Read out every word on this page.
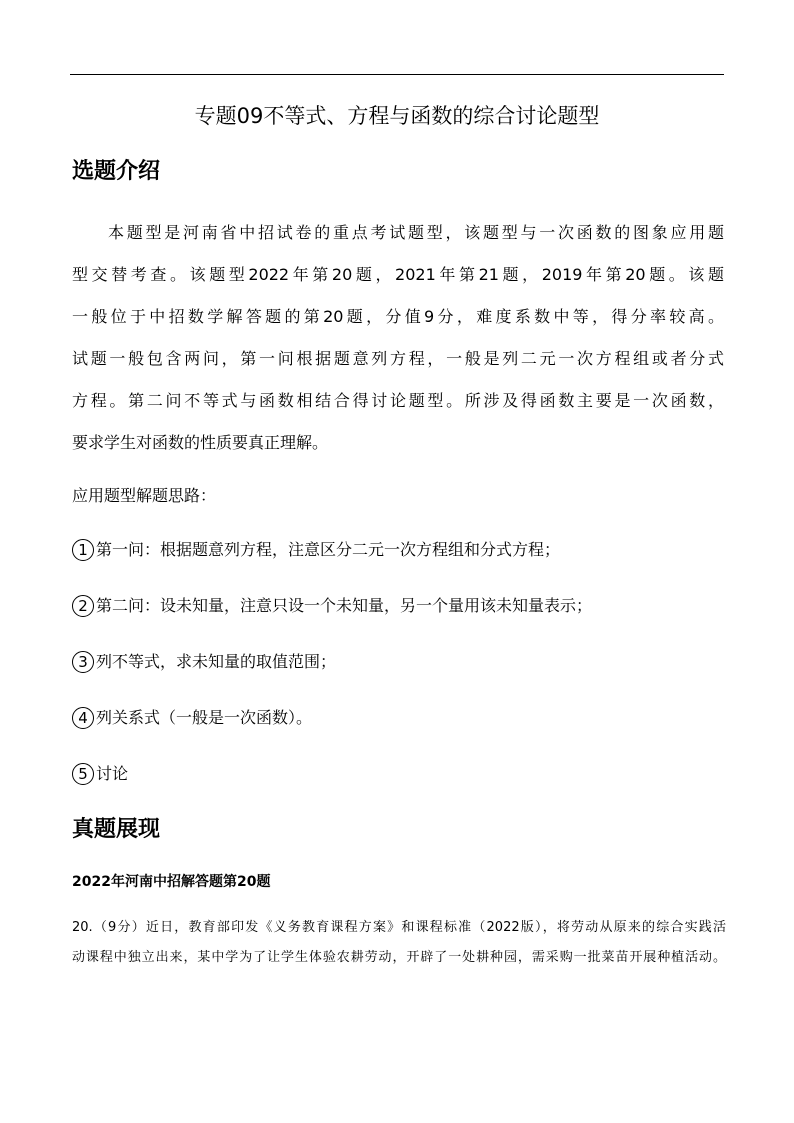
专题09不等式、方程与函数的综合讨论题型
选题介绍
本题型是河南省中招试卷的重点考试题型，该题型与一次函数的图象应用题
型交替考查。该题型2022年第20题，2021年第21题，2019年第20题。该题
一般位于中招数学解答题的第20题，分值9分，难度系数中等，得分率较高。
试题一般包含两问，第一问根据题意列方程，一般是列二元一次方程组或者分式
方程。第二问不等式与函数相结合得讨论题型。所涉及得函数主要是一次函数，
要求学生对函数的性质要真正理解。
应用题型解题思路：
1 第一问：根据题意列方程，注意区分二元一次方程组和分式方程；
2 第二问：设未知量，注意只设一个未知量，另一个量用该未知量表示；
3 列不等式，求未知量的取值范围；
4 列关系式（一般是一次函数）。
5 讨论
真题展现
2022年河南中招解答题第20题
20.（9分）近日，教育部印发《义务教育课程方案》和课程标准（2022版），将劳动从原来的综合实践活
动课程中独立出来，某中学为了让学生体验农耕劳动，开辟了一处耕种园，需采购一批菜苗开展种植活动。
